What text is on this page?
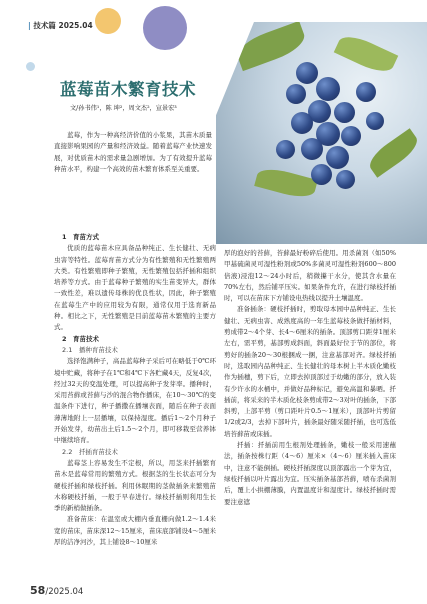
| 技术篇 2025.04
蓝莓苗木繁育技术
文/孙书伟¹，陈 坤²，周文杰²，宣景宏³

蓝莓，作为一种高经济价值的小浆果，其苗木质量直接影响果园的产量和经济效益。随着蓝莓产业快速发展，对优质苗木的需求量急剧增加。为了有效提升蓝莓种苗水平，构建一个高效的苗木繁育体系至关重要。

1　育苗方式

优质的蓝莓苗木应具备品种纯正、生长健壮、无病虫害等特性。蓝莓育苗方式分为有性繁殖和无性繁殖两大类。有性繁殖即种子繁殖，无性繁殖包括扦插和组织培养等方式。由于蓝莓种子繁殖的实生苗变异大，群体一致性差，难以遗传母株的优良性状，因此，种子繁殖在蓝莓生产中的应用较为有限，通常仅用于选育新品种。相比之下，无性繁殖是目前蓝莓苗木繁殖的主要方式。

2　育苗技术

2.1　播种育苗技术

选择饱满种子，高品蓝莓种子采后可在略低于0℃环境中贮藏，将种子在1℃和4℃下各贮藏4天，反复4次，经过32天的变温处理，可以提高种子发芽率。播种时，采用苔藓或苔藓与沙的混合物作播床，在10～30℃的变温条件下进行，种子播撒在播壤表面，随后在种子表面薄薄地附上一层播壤，以保持湿度。播后1～2个月种子开始发芽，幼苗出土后1.5～2个月，即可移栽至营养钵中继续培育。

2.2　扦插育苗技术

蓝莓茎上容易发生不定根，所以，用茎来扦插繁育苗木是蓝莓常用的繁殖方式。根据茎的生长状态可分为硬枝扦插和绿枝扦插。利用休眠期的茎做插条来繁殖苗木称硬枝扦插，一般于早春进行。绿枝扦插则利用生长季的新梢做插条。

准备苗床：在温室或大棚内垂直栅向做1.2～1.4米宽的苗床，苗床深12～15厘米，苗床底部铺设4～5厘米厚的洁净河沙，其上铺设8～10厘米

厚的泡好的苔藓，苔藓最好粉碎后使用。用杀菌剂（如50%甲基硫菌灵可湿性粉剂或50%多菌灵可湿性粉剂600～800倍液)浸泡12～24小时后，稍微攥干水分，使其含水量在70%左右，然后铺平压实。如果条件允许，在进行绿枝扦插时，可以在苗床下方铺设电热线以提升土壤温度。

准备插条：硬枝扦插时，剪取母本园中品种纯正、生长健壮、无病虫害、成熟度高的一年生蓝莓枝条做扦插材料，剪成带2～4个芽、长4～6厘米的插条。顶部剪口距芽1厘米左右，需平剪，基部剪成斜面，斜面最好位于节的部位，将剪好的插条20～30根捆成一捆，注意基部对齐。绿枝扦插时，选取园内品种纯正、生长健壮的母本树上半木质化嫩枝作为插穗，剪下后，立即去掉顶部过于幼嫩的部分，放入装有少许水的水桶中，并做好品种标记，避免高温和暴晒。扦插前，将采来的半木质化枝条剪成带2～3对叶的插条，下部斜剪，上部平剪（剪口距叶片0.5～1厘米），顶部叶片剪留1/2或2/3，去掉下部叶片，插条最好随采随扦插，也可选低培苔藓苗或床插。

扦插：扦插前用生根剂处理插条，嫩枝一般采用速蘸法，插条按株行距（4～6）厘米×（4～6）厘米插入苗床中，注意不能倒插。硬枝扦插深度以顶部露出一个芽为宜，绿枝扦插以叶片露出为宜。压实插条基部苔藓，喷布杀菌剂后，覆上小拱棚薄膜，内置温度计和湿度计。绿枝扦插时需要注意遮

58/2025.04
